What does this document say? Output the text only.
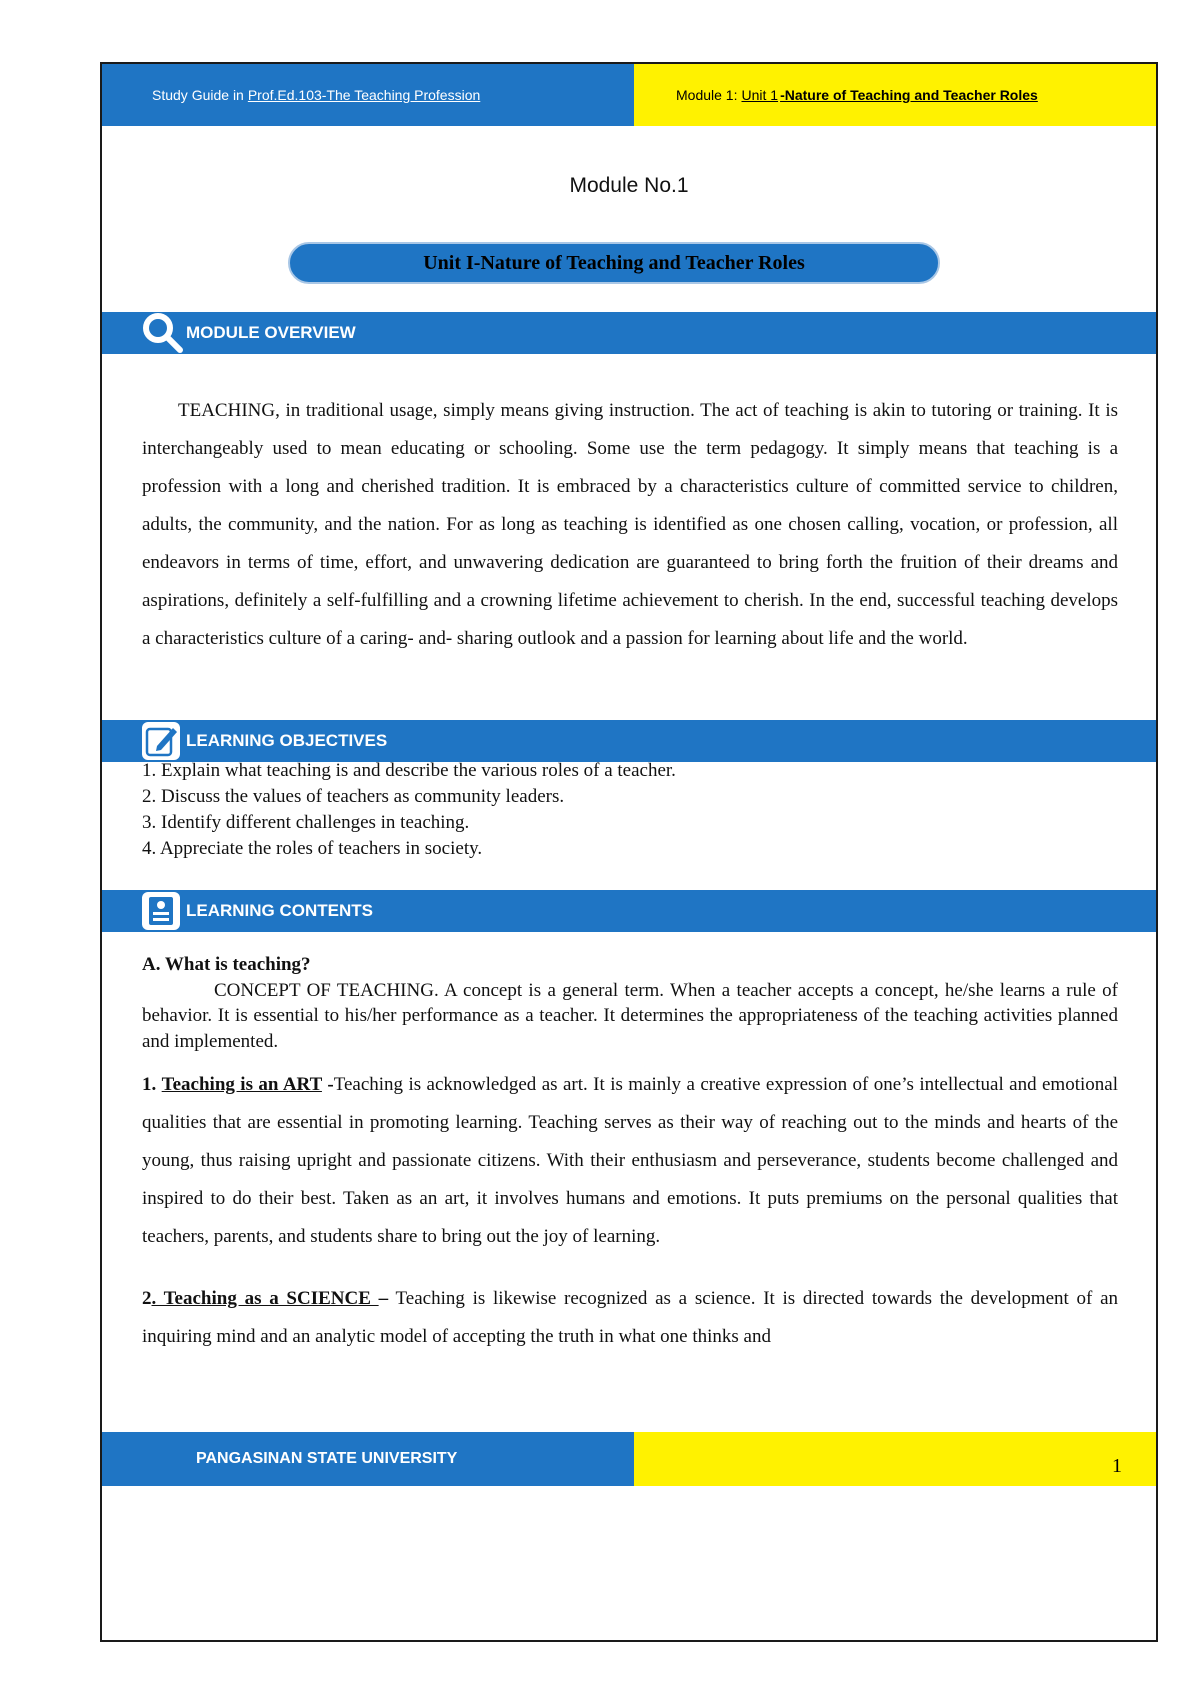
Study Guide in Prof.Ed.103-The Teaching Profession	Module 1: Unit 1 -Nature of Teaching and Teacher Roles
Module No.1
Unit I-Nature of Teaching and Teacher Roles
MODULE OVERVIEW
TEACHING, in traditional usage, simply means giving instruction. The act of teaching is akin to tutoring or training. It is interchangeably used to mean educating or schooling. Some use the term pedagogy. It simply means that teaching is a profession with a long and cherished tradition. It is embraced by a characteristics culture of committed service to children, adults, the community, and the nation. For as long as teaching is identified as one chosen calling, vocation, or profession, all endeavors in terms of time, effort, and unwavering dedication are guaranteed to bring forth the fruition of their dreams and aspirations, definitely a self-fulfilling and a crowning lifetime achievement to cherish. In the end, successful teaching develops a characteristics culture of a caring- and- sharing outlook and a passion for learning about life and the world.
LEARNING OBJECTIVES
1. Explain what teaching is and describe the various roles of a teacher.
2. Discuss the values of teachers as community leaders.
3. Identify different challenges in teaching.
4. Appreciate the roles of teachers in society.
LEARNING CONTENTS
A. What is teaching?
CONCEPT OF TEACHING. A concept is a general term. When a teacher accepts a concept, he/she learns a rule of behavior. It is essential to his/her performance as a teacher. It determines the appropriateness of the teaching activities planned and implemented.
1. Teaching is an ART -Teaching is acknowledged as art. It is mainly a creative expression of one’s intellectual and emotional qualities that are essential in promoting learning. Teaching serves as their way of reaching out to the minds and hearts of the young, thus raising upright and passionate citizens. With their enthusiasm and perseverance, students become challenged and inspired to do their best. Taken as an art, it involves humans and emotions. It puts premiums on the personal qualities that teachers, parents, and students share to bring out the joy of learning.
2. Teaching as a SCIENCE – Teaching is likewise recognized as a science. It is directed towards the development of an inquiring mind and an analytic model of accepting the truth in what one thinks and
PANGASINAN STATE UNIVERSITY	1
